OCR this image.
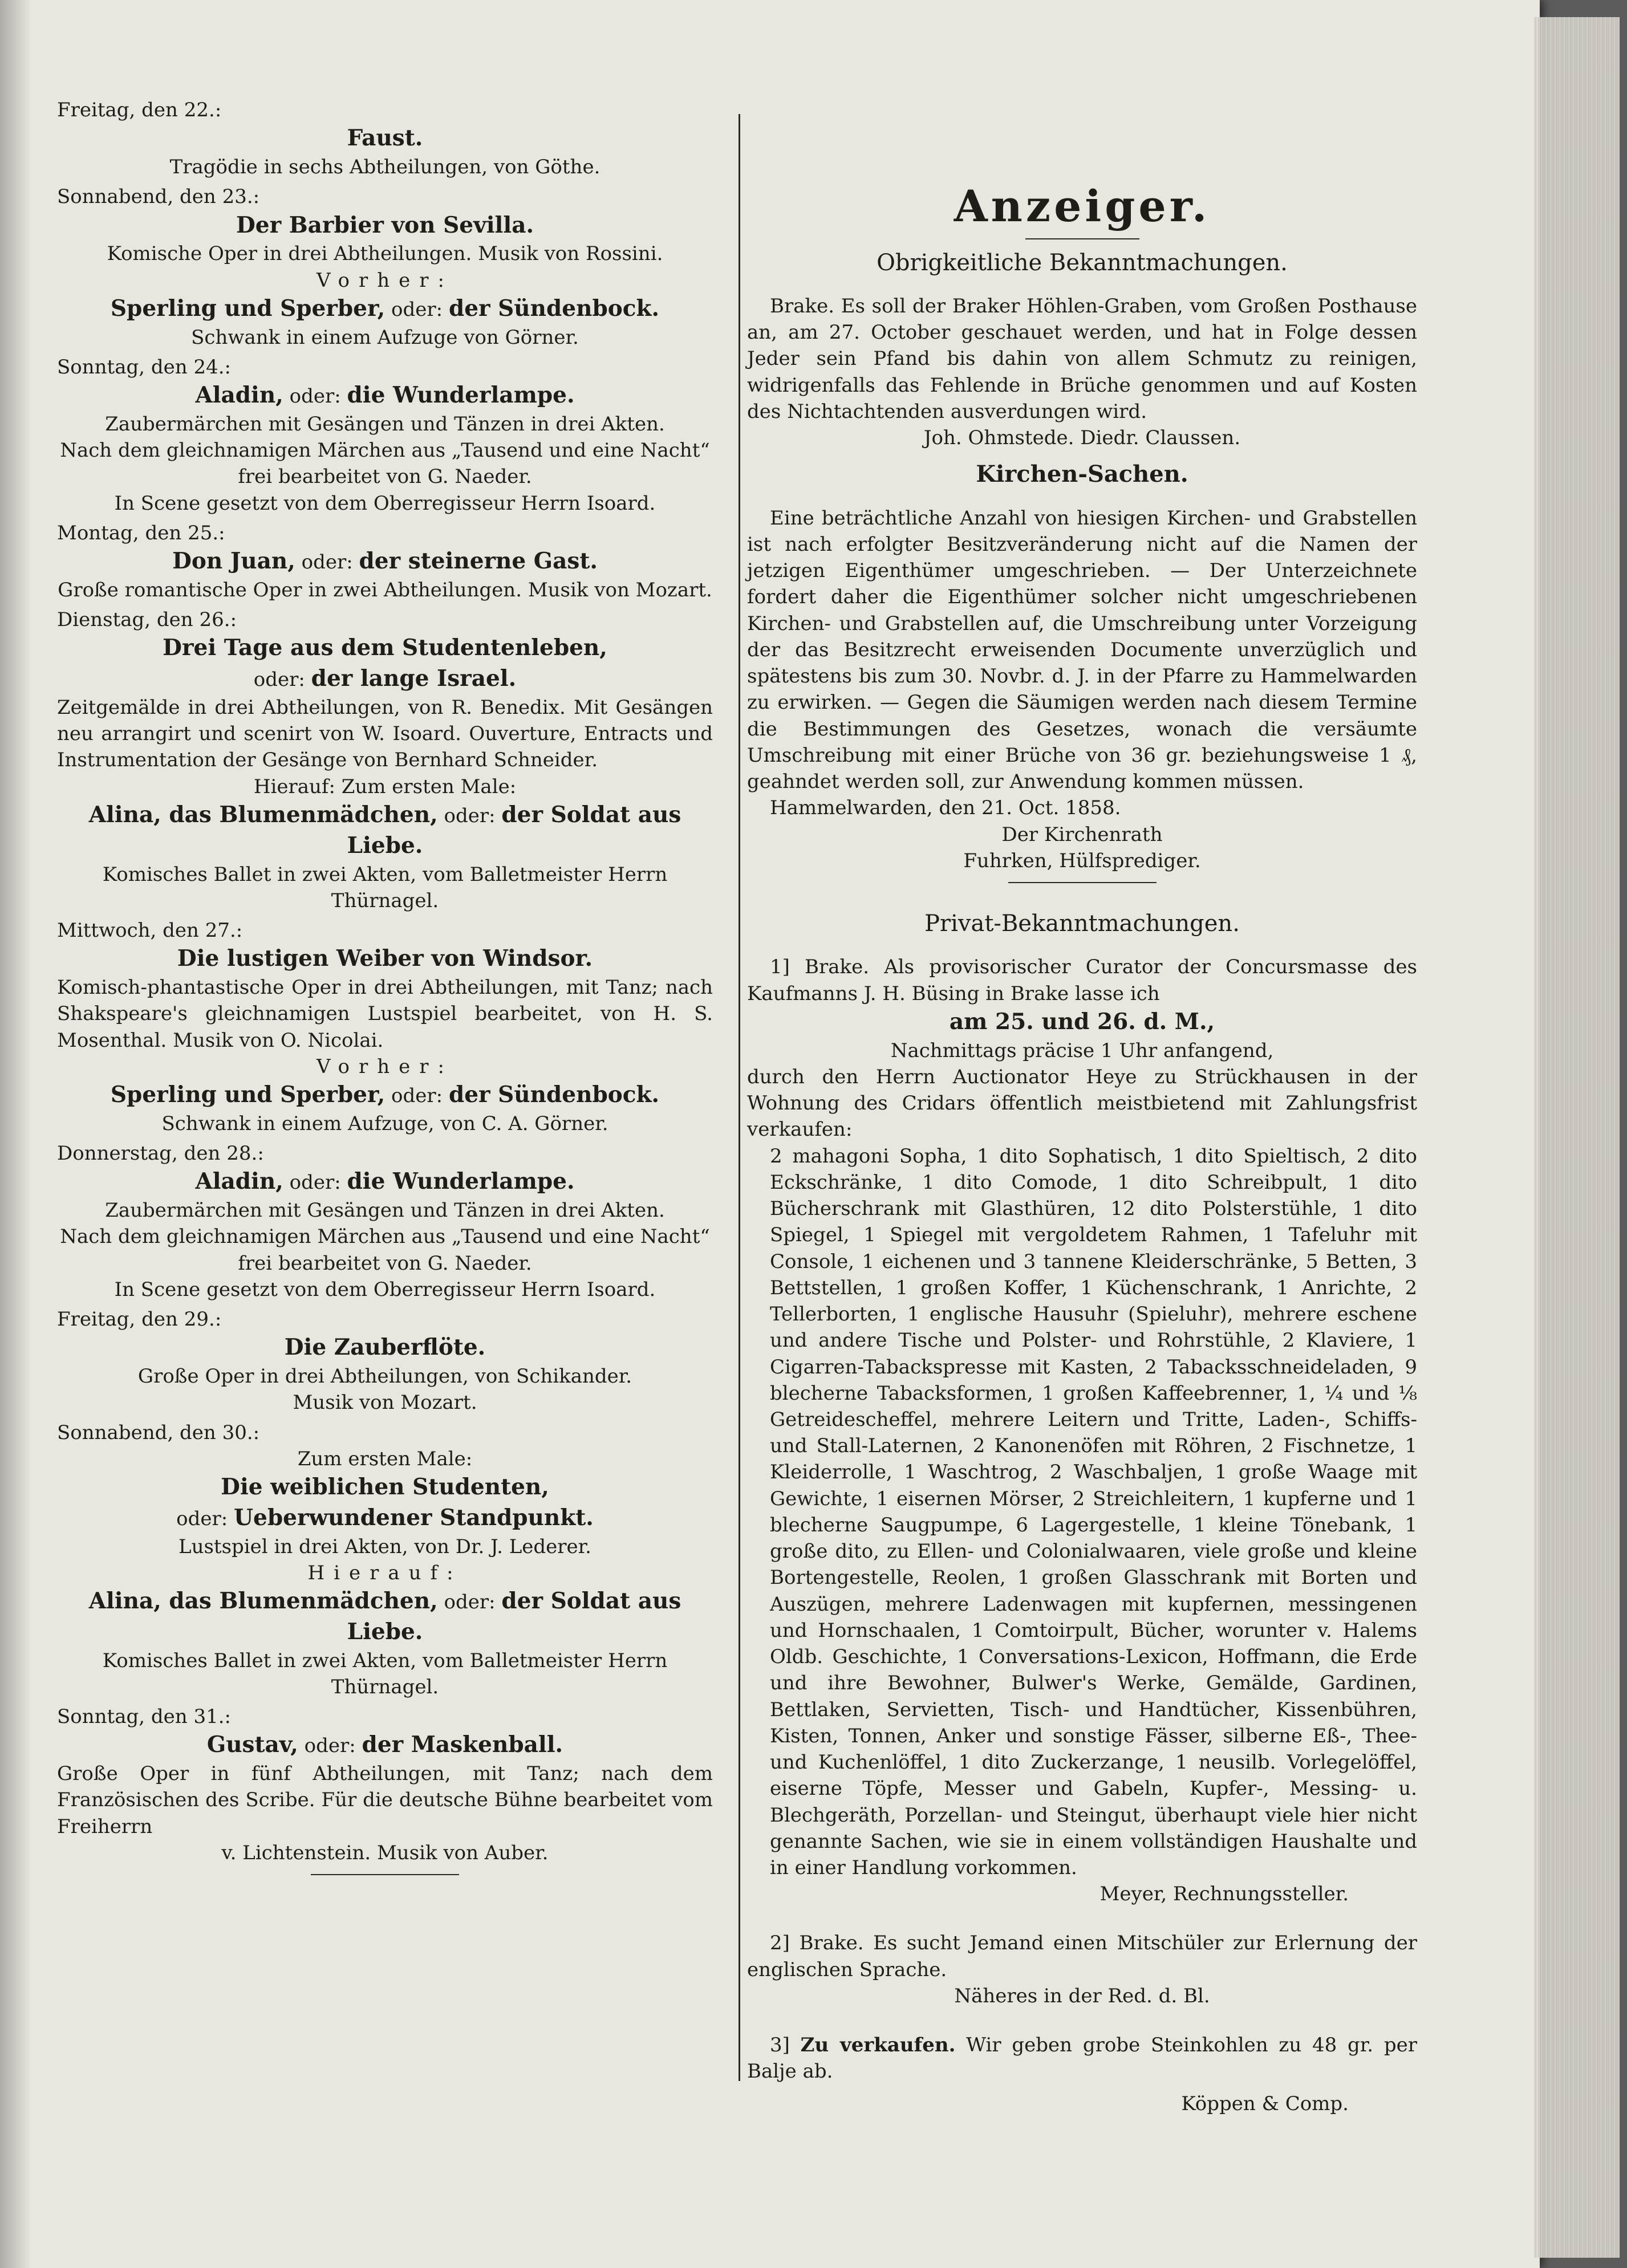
Freitag, den 22.:
Faust.
Tragödie in sechs Abtheilungen, von Göthe.
Sonnabend, den 23.:
Der Barbier von Sevilla.
Komische Oper in drei Abtheilungen. Musik von Rossini.
Vorher:
Sperling und Sperber, oder: der Sündenbock.
Schwank in einem Aufzuge von Görner.
Sonntag, den 24.:
Aladin, oder: die Wunderlampe.
Zaubermärchen mit Gesängen und Tänzen in drei Akten.
Nach dem gleichnamigen Märchen aus „Tausend und eine Nacht“
frei bearbeitet von G. Naeder.
In Scene gesetzt von dem Oberregisseur Herrn Isoard.
Montag, den 25.:
Don Juan, oder: der steinerne Gast.
Große romantische Oper in zwei Abtheilungen. Musik von Mozart.
Dienstag, den 26.:
Drei Tage aus dem Studentenleben,
oder: der lange Israel.
Zeitgemälde in drei Abtheilungen, von R. Benedix. Mit Gesängen neu arrangirt und scenirt von W. Isoard. Ouverture, Entracts und Instrumentation der Gesänge von Bernhard Schneider.
Hierauf: Zum ersten Male:
Alina, das Blumenmädchen, oder: der Soldat aus Liebe.
Komisches Ballet in zwei Akten, vom Balletmeister Herrn Thürnagel.
Mittwoch, den 27.:
Die lustigen Weiber von Windsor.
Komisch-phantastische Oper in drei Abtheilungen, mit Tanz; nach Shakspeare's gleichnamigen Lustspiel bearbeitet, von H. S. Mosenthal. Musik von O. Nicolai.
Vorher:
Sperling und Sperber, oder: der Sündenbock.
Schwank in einem Aufzuge, von C. A. Görner.
Donnerstag, den 28.:
Aladin, oder: die Wunderlampe.
Zaubermärchen mit Gesängen und Tänzen in drei Akten.
Nach dem gleichnamigen Märchen aus „Tausend und eine Nacht“
frei bearbeitet von G. Naeder.
In Scene gesetzt von dem Oberregisseur Herrn Isoard.
Freitag, den 29.:
Die Zauberflöte.
Große Oper in drei Abtheilungen, von Schikander.
Musik von Mozart.
Sonnabend, den 30.:
Zum ersten Male:
Die weiblichen Studenten,
oder: Ueberwundener Standpunkt.
Lustspiel in drei Akten, von Dr. J. Lederer.
Hierauf:
Alina, das Blumenmädchen, oder: der Soldat aus Liebe.
Komisches Ballet in zwei Akten, vom Balletmeister Herrn Thürnagel.
Sonntag, den 31.:
Gustav, oder: der Maskenball.
Große Oper in fünf Abtheilungen, mit Tanz; nach dem Französischen des Scribe. Für die deutsche Bühne bearbeitet vom Freiherrn
v. Lichtenstein. Musik von Auber.
Anzeiger.
Obrigkeitliche Bekanntmachungen.
Brake. Es soll der Braker Höhlen-Graben, vom Großen Posthause an, am 27. October geschauet werden, und hat in Folge dessen Jeder sein Pfand bis dahin von allem Schmutz zu reinigen, widrigenfalls das Fehlende in Brüche genommen und auf Kosten des Nichtachtenden ausverdungen wird.
Joh. Ohmstede. Diedr. Claussen.
Kirchen-Sachen.
Eine beträchtliche Anzahl von hiesigen Kirchen- und Grabstellen ist nach erfolgter Besitzveränderung nicht auf die Namen der jetzigen Eigenthümer umgeschrieben. — Der Unterzeichnete fordert daher die Eigenthümer solcher nicht umgeschriebenen Kirchen- und Grabstellen auf, die Umschreibung unter Vorzeigung der das Besitzrecht erweisenden Documente unverzüglich und spätestens bis zum 30. Novbr. d. J. in der Pfarre zu Hammelwarden zu erwirken. — Gegen die Säumigen werden nach diesem Termine die Bestimmungen des Gesetzes, wonach die versäumte Umschreibung mit einer Brüche von 36 gr. beziehungsweise 1 ₰, geahndet werden soll, zur Anwendung kommen müssen.
Hammelwarden, den 21. Oct. 1858.
Der Kirchenrath
Fuhrken, Hülfsprediger.
Privat-Bekanntmachungen.
1] Brake. Als provisorischer Curator der Concursmasse des Kaufmanns J. H. Büsing in Brake lasse ich
am 25. und 26. d. M.,
Nachmittags präcise 1 Uhr anfangend,
durch den Herrn Auctionator Heye zu Strückhausen in der Wohnung des Cridars öffentlich meistbietend mit Zahlungsfrist verkaufen:
2 mahagoni Sopha, 1 dito Sophatisch, 1 dito Spieltisch, 2 dito Eckschränke, 1 dito Comode, 1 dito Schreibpult, 1 dito Bücherschrank mit Glasthüren, 12 dito Polsterstühle, 1 dito Spiegel, 1 Spiegel mit vergoldetem Rahmen, 1 Tafeluhr mit Console, 1 eichenen und 3 tannene Kleiderschränke, 5 Betten, 3 Bettstellen, 1 großen Koffer, 1 Küchenschrank, 1 Anrichte, 2 Tellerborten, 1 englische Hausuhr (Spieluhr), mehrere eschene und andere Tische und Polster- und Rohrstühle, 2 Klaviere, 1 Cigarren-Tabackspresse mit Kasten, 2 Tabacksschneideladen, 9 blecherne Tabacksformen, 1 großen Kaffeebrenner, 1, ¼ und ⅛ Getreidescheffel, mehrere Leitern und Tritte, Laden-, Schiffs- und Stall-Laternen, 2 Kanonenöfen mit Röhren, 2 Fischnetze, 1 Kleiderrolle, 1 Waschtrog, 2 Waschbaljen, 1 große Waage mit Gewichte, 1 eisernen Mörser, 2 Streichleitern, 1 kupferne und 1 blecherne Saugpumpe, 6 Lagergestelle, 1 kleine Tönebank, 1 große dito, zu Ellen- und Colonialwaaren, viele große und kleine Bortengestelle, Reolen, 1 großen Glasschrank mit Borten und Auszügen, mehrere Ladenwagen mit kupfernen, messingenen und Hornschaalen, 1 Comtoirpult, Bücher, worunter v. Halems Oldb. Geschichte, 1 Conversations-Lexicon, Hoffmann, die Erde und ihre Bewohner, Bulwer's Werke, Gemälde, Gardinen, Bettlaken, Servietten, Tisch- und Handtücher, Kissenbühren, Kisten, Tonnen, Anker und sonstige Fässer, silberne Eß-, Thee- und Kuchenlöffel, 1 dito Zuckerzange, 1 neusilb. Vorlegelöffel, eiserne Töpfe, Messer und Gabeln, Kupfer-, Messing- u. Blechgeräth, Porzellan- und Steingut, überhaupt viele hier nicht genannte Sachen, wie sie in einem vollständigen Haushalte und in einer Handlung vorkommen.
Meyer, Rechnungssteller.
2] Brake. Es sucht Jemand einen Mitschüler zur Erlernung der englischen Sprache.
Näheres in der Red. d. Bl.
3] Zu verkaufen. Wir geben grobe Steinkohlen zu 48 gr. per Balje ab.
Köppen & Comp.
